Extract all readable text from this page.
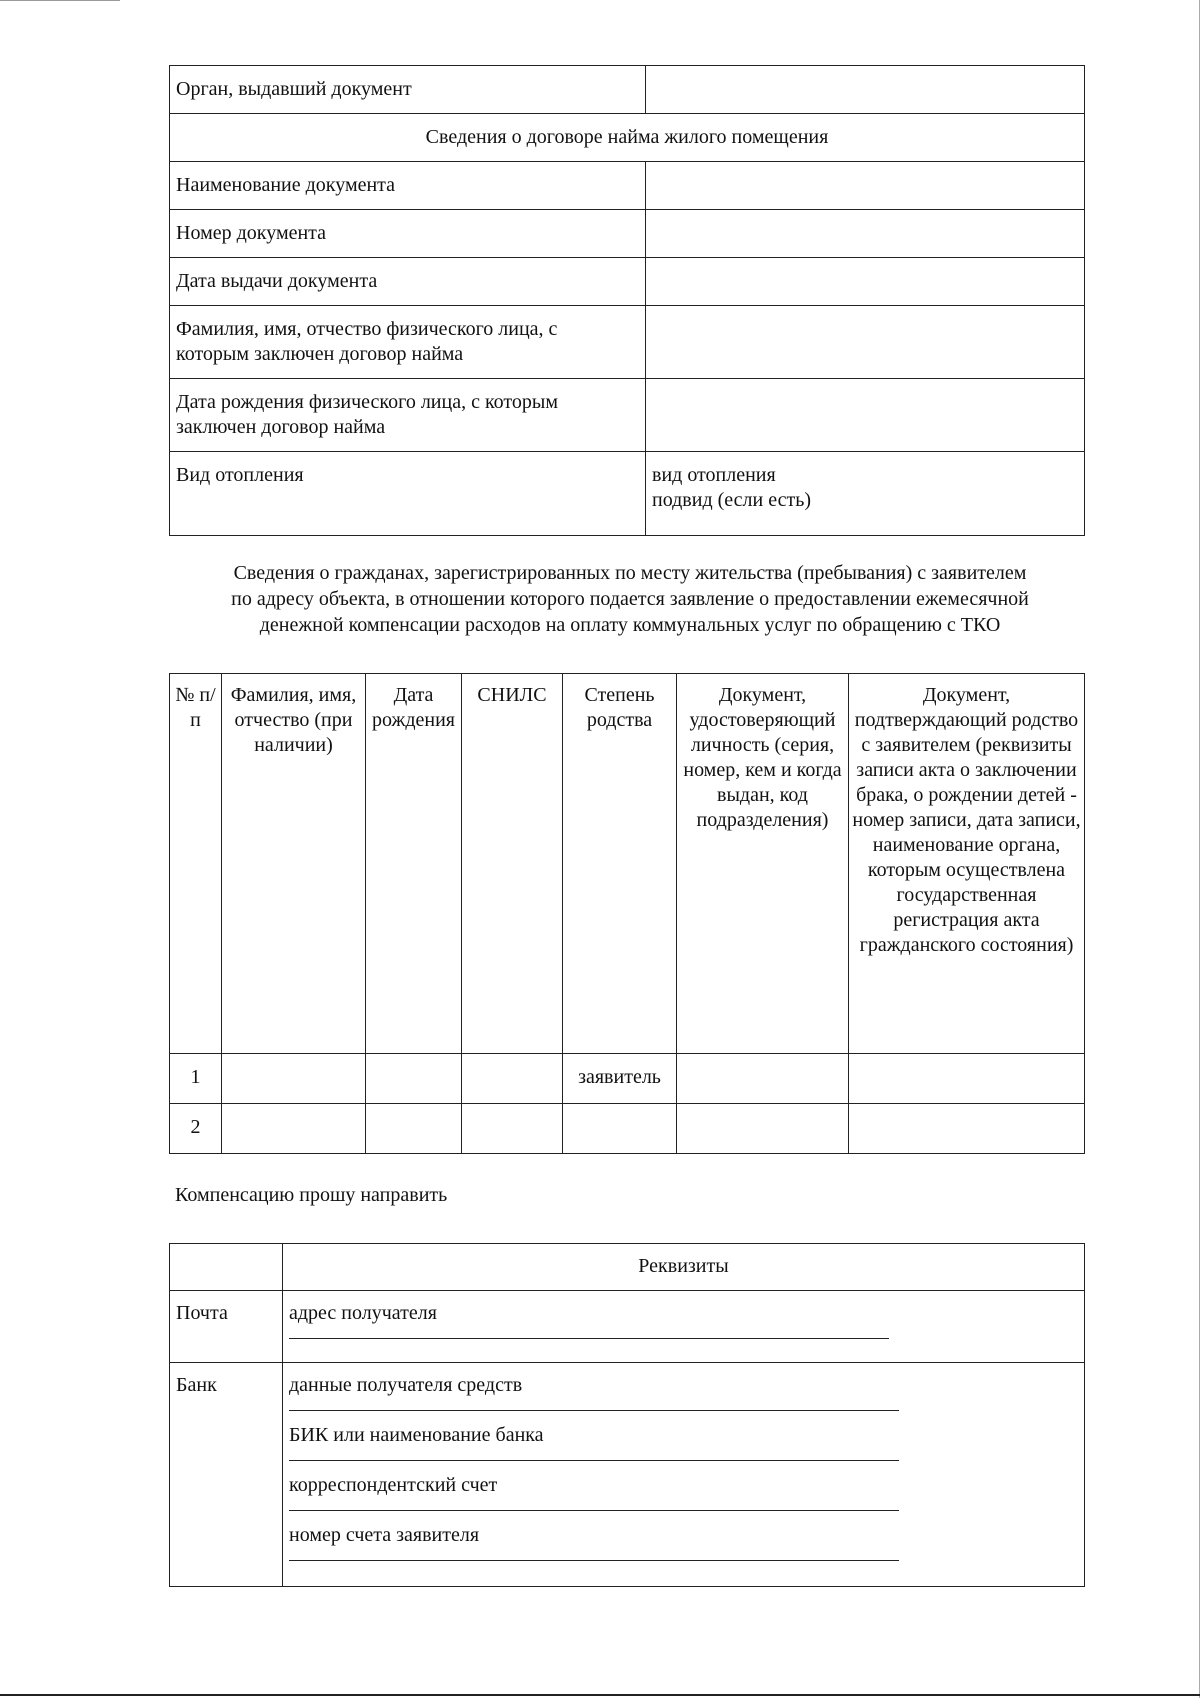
Орган, выдавший документ	
Сведения о договоре найма жилого помещения	
Наименование документа	
Номер документа	
Дата выдачи документа	

Фамилия, имя, отчество физического лица, с
которым заключен договор найма	

Дата рождения физического лица, с которым
заключен договор найма	

Вид отопления	вид отопления
подвид (если есть)
Сведения о гражданах, зарегистрированных по месту жительства (пребывания) с заявителем
по адресу объекта, в отношении которого подается заявление о предоставлении ежемесячной
денежной компенсации расходов на оплату коммунальных услуг по обращению с ТКО
№ п/п	Фамилия, имя, отчество (при наличии)	Дата рождения	СНИЛС	Степень родства	Документ, удостоверяющий личность (серия, номер, кем и когда выдан, код подразделения)	Документ, подтверждающий родство с заявителем (реквизиты записи акта о заключении брака, о рождении детей - номер записи, дата записи, наименование органа, которым осуществлена государственная регистрация акта гражданского состояния)
1				заявитель		
2						

Компенсацию прошу направить

	Реквизиты
Почта	адрес получателя

Банк	данные получателя средств
БИК или наименование банка
корреспондентский счет
номер счета заявителя
